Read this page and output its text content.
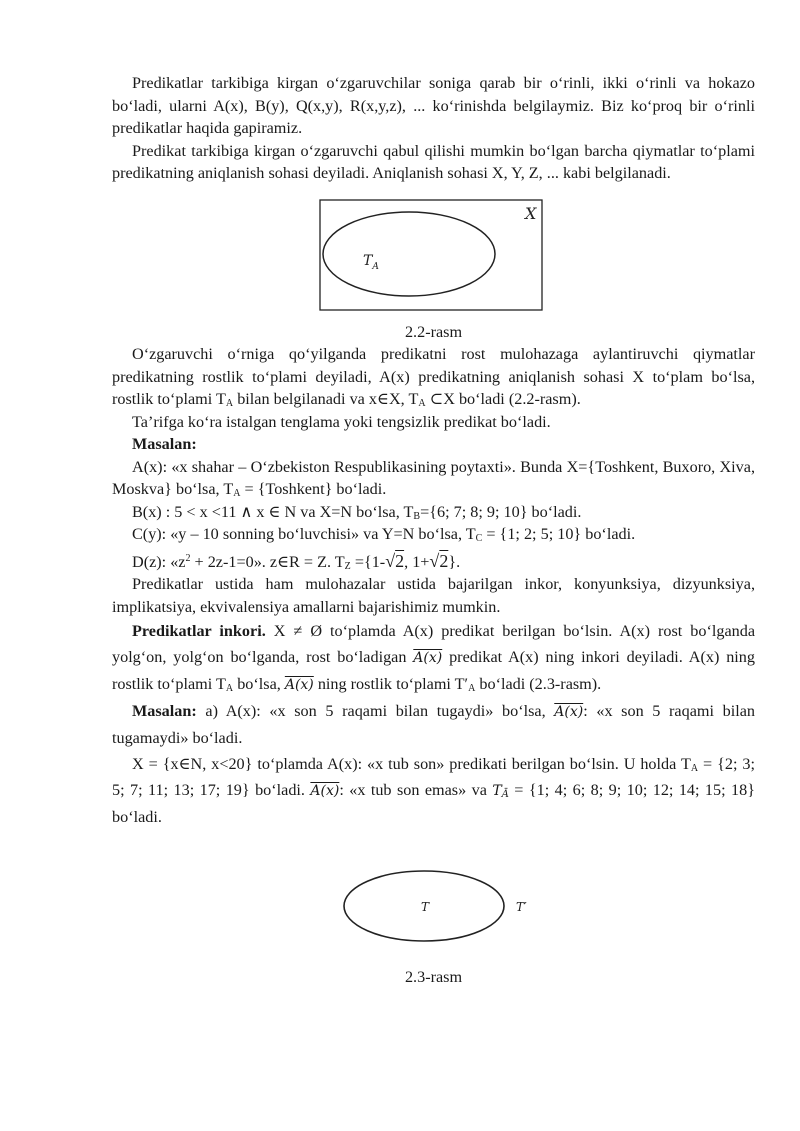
Predikatlar tarkibiga kirgan o‘zgaruvchilar soniga qarab bir o‘rinli, ikki o‘rinli va hokazo bo‘ladi, ularni A(x), B(y), Q(x,y), R(x,y,z), ... ko‘rinishda belgilaymiz. Biz ko‘proq bir o‘rinli predikatlar haqida gapiramiz.

Predikat tarkibiga kirgan o‘zgaruvchi qabul qilishi mumkin bo‘lgan barcha qiymatlar to‘plami predikatning aniqlanish sohasi deyiladi. Aniqlanish sohasi X, Y, Z, ... kabi belgilanadi.

X
$T_A$

2.2-rasm

O‘zgaruvchi o‘rniga qo‘yilganda predikatni rost mulohazaga aylantiruvchi qiymatlar predikatning rostlik to‘plami deyiladi, A(x) predikatning aniqlanish sohasi X to‘plam bo‘lsa, rostlik to‘plami $T_A$ bilan belgilanadi va x∈X, $T_A$ ⊂X bo‘ladi (2.2-rasm).

Ta’rifga ko‘ra istalgan tenglama yoki tengsizlik predikat bo‘ladi.

Masalan:

A(x): «x shahar – O‘zbekiston Respublikasining poytaxti». Bunda X={Toshkent, Buxoro, Xiva, Moskva} bo‘lsa, $T_A$ = {Toshkent} bo‘ladi.

B(x) : 5 < x <11 ∧ x ∈ N va X=N bo‘lsa, $T_B=\{6$; 7; 8; 9; 10} bo‘ladi.

C(y): «y – 10 sonning bo‘luvchisi» va Y=N bo‘lsa, $T_C = \{1$; 2; 5; 10} bo‘ladi.

D(z): «$z^2 + 2z-1=0$». z∈R = Z. $T_Z =\{1-√2$, 1+√2}.

Predikatlar ustida ham mulohazalar ustida bajarilgan inkor, konyunksiya, dizyunksiya, implikatsiya, ekvivalensiya amallarni bajarishimiz mumkin.

Predikatlar inkori. X ≠ Ø to‘plamda A(x) predikat berilgan bo‘lsin. A(x) rost bo‘lganda yolg‘on, yolg‘on bo‘lganda, rost bo‘ladigan A(x) predikat A(x) ning inkori deyiladi. A(x) ning rostlik to‘plami $T_A$ bo‘lsa, A(x) ning rostlik to‘plami $T'_A$ bo‘ladi (2.3-rasm).

Masalan: a) A(x): «x son 5 raqami bilan tugaydi» bo‘lsa, A(x): «x son 5 raqami bilan tugamaydi» bo‘ladi.

X = {x∈N, x<20} to‘plamda A(x): «x tub son» predikati berilgan bo‘lsin. U holda $T_A = \{2$; 3; 5; 7; 11; 13; 17; 19} bo‘ladi. A(x): «x tub son emas» va $T_Ā = \{1$; 4; 6; 8; 9; 10; 12; 14; 15; 18} bo‘ladi.

T	T′

2.3-rasm
